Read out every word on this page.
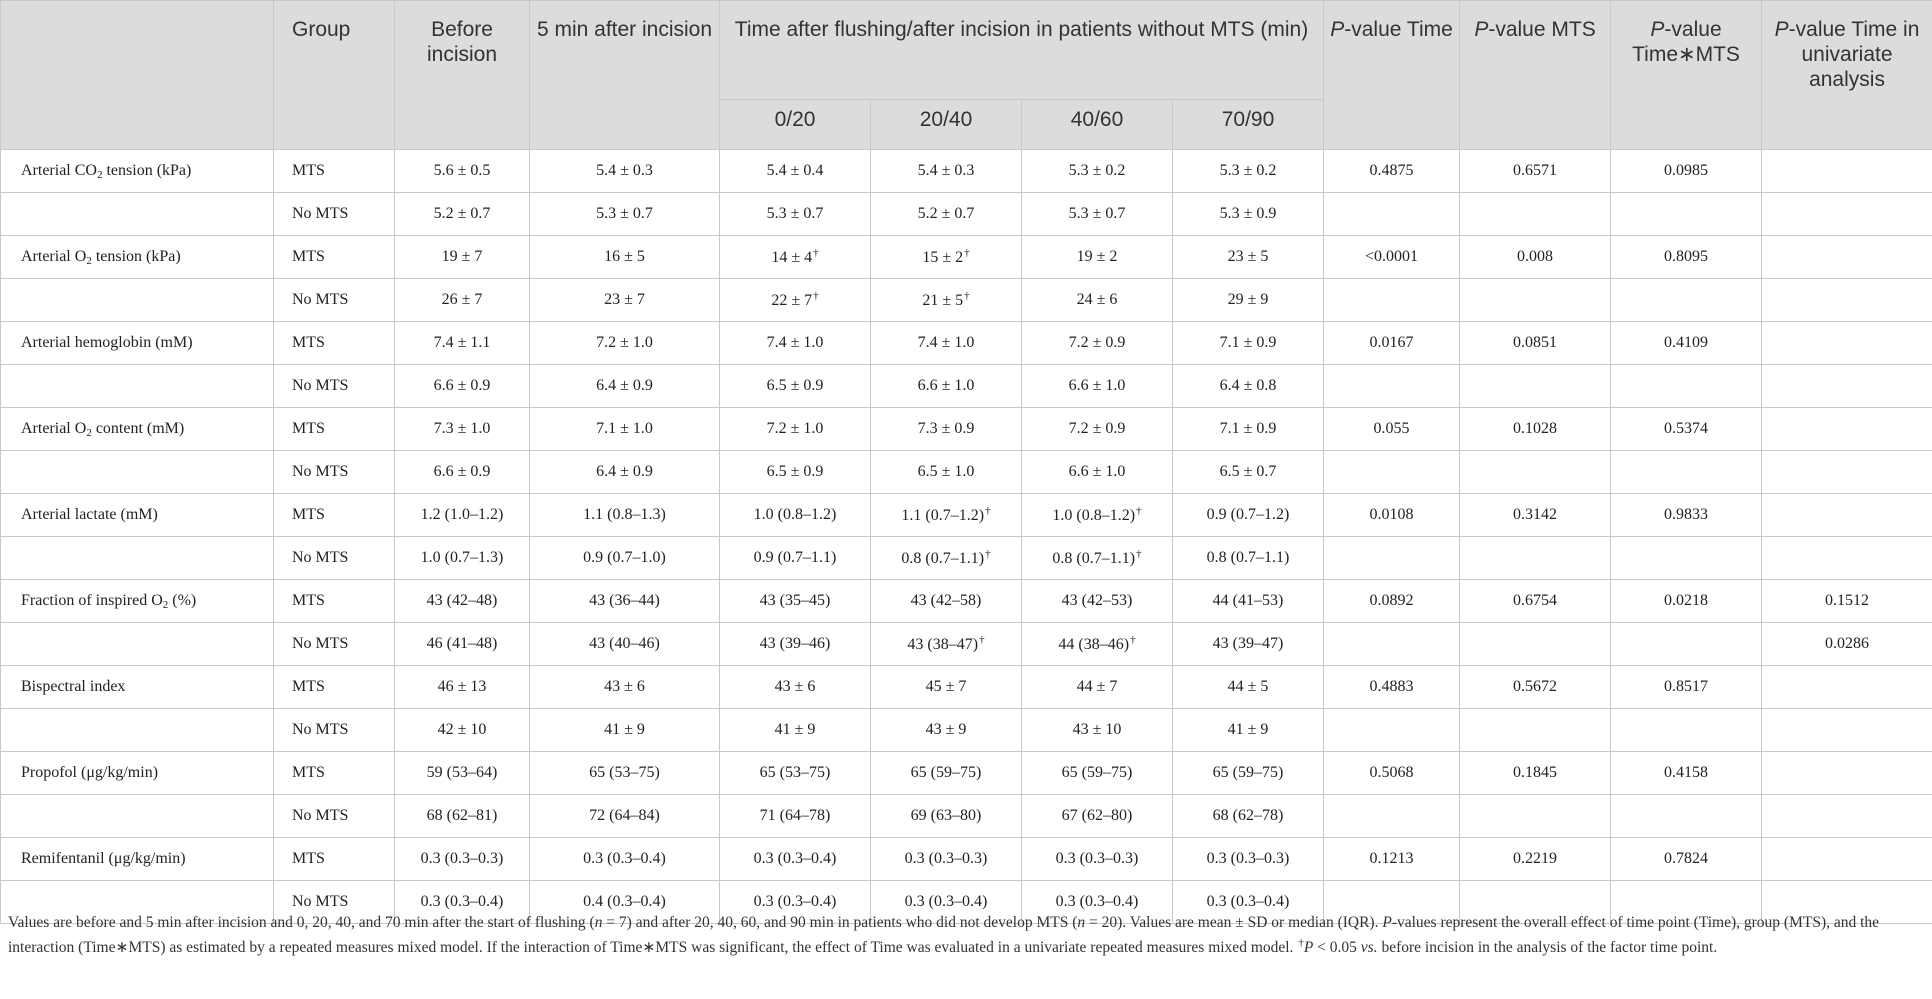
	Group	Before incision	5 min after incision	Time after flushing/after incision in patients without MTS (min)				P-value Time	P-value MTS	P-value Time∗MTS	P-value Time in univariate analysis
				0/20	20/40	40/60	70/90				
Arterial $CO_2$ tension (kPa)	MTS	5.6 ± 0.5	5.4 ± 0.3	5.4 ± 0.4	5.4 ± 0.3	5.3 ± 0.2	5.3 ± 0.2	0.4875	0.6571	0.0985	
	No MTS	5.2 ± 0.7	5.3 ± 0.7	5.3 ± 0.7	5.2 ± 0.7	5.3 ± 0.7	5.3 ± 0.9				
Arterial $O_2$ tension (kPa)	MTS	19 ± 7	16 ± 5	14 ± 4†	15 ± 2†	19 ± 2	23 ± 5	<0.0001	0.008	0.8095	
	No MTS	26 ± 7	23 ± 7	22 ± 7†	21 ± 5†	24 ± 6	29 ± 9				
Arterial hemoglobin (mM)	MTS	7.4 ± 1.1	7.2 ± 1.0	7.4 ± 1.0	7.4 ± 1.0	7.2 ± 0.9	7.1 ± 0.9	0.0167	0.0851	0.4109	
	No MTS	6.6 ± 0.9	6.4 ± 0.9	6.5 ± 0.9	6.6 ± 1.0	6.6 ± 1.0	6.4 ± 0.8				
Arterial $O_2$ content (mM)	MTS	7.3 ± 1.0	7.1 ± 1.0	7.2 ± 1.0	7.3 ± 0.9	7.2 ± 0.9	7.1 ± 0.9	0.055	0.1028	0.5374	
	No MTS	6.6 ± 0.9	6.4 ± 0.9	6.5 ± 0.9	6.5 ± 1.0	6.6 ± 1.0	6.5 ± 0.7				
Arterial lactate (mM)	MTS	1.2 (1.0–1.2)	1.1 (0.8–1.3)	1.0 (0.8–1.2)	1.1 (0.7–1.2)†	1.0 (0.8–1.2)†	0.9 (0.7–1.2)	0.0108	0.3142	0.9833	
	No MTS	1.0 (0.7–1.3)	0.9 (0.7–1.0)	0.9 (0.7–1.1)	0.8 (0.7–1.1)†	0.8 (0.7–1.1)†	0.8 (0.7–1.1)				
Fraction of inspired $O_2$ (%)	MTS	43 (42–48)	43 (36–44)	43 (35–45)	43 (42–58)	43 (42–53)	44 (41–53)	0.0892	0.6754	0.0218	0.1512
	No MTS	46 (41–48)	43 (40–46)	43 (39–46)	43 (38–47)†	44 (38–46)†	43 (39–47)				0.0286
Bispectral index	MTS	46 ± 13	43 ± 6	43 ± 6	45 ± 7	44 ± 7	44 ± 5	0.4883	0.5672	0.8517	
	No MTS	42 ± 10	41 ± 9	41 ± 9	43 ± 9	43 ± 10	41 ± 9				
Propofol (μg/kg/min)	MTS	59 (53–64)	65 (53–75)	65 (53–75)	65 (59–75)	65 (59–75)	65 (59–75)	0.5068	0.1845	0.4158	
	No MTS	68 (62–81)	72 (64–84)	71 (64–78)	69 (63–80)	67 (62–80)	68 (62–78)				
Remifentanil (μg/kg/min)	MTS	0.3 (0.3–0.3)	0.3 (0.3–0.4)	0.3 (0.3–0.4)	0.3 (0.3–0.3)	0.3 (0.3–0.3)	0.3 (0.3–0.3)	0.1213	0.2219	0.7824	
	No MTS	0.3 (0.3–0.4)	0.4 (0.3–0.4)	0.3 (0.3–0.4)	0.3 (0.3–0.4)	0.3 (0.3–0.4)	0.3 (0.3–0.4)				
Values are before and 5 min after incision and 0, 20, 40, and 70 min after the start of flushing (n = 7) and after 20, 40, 60, and 90 min in patients who did not develop MTS (n = 20). Values are mean ± SD or median (IQR). P-values represent the overall effect of time point (Time), group (MTS), and the interaction (Time∗MTS) as estimated by a repeated measures mixed model. If the interaction of Time∗MTS was significant, the effect of Time was evaluated in a univariate repeated measures mixed model. †P < 0.05 vs. before incision in the analysis of the factor time point.
